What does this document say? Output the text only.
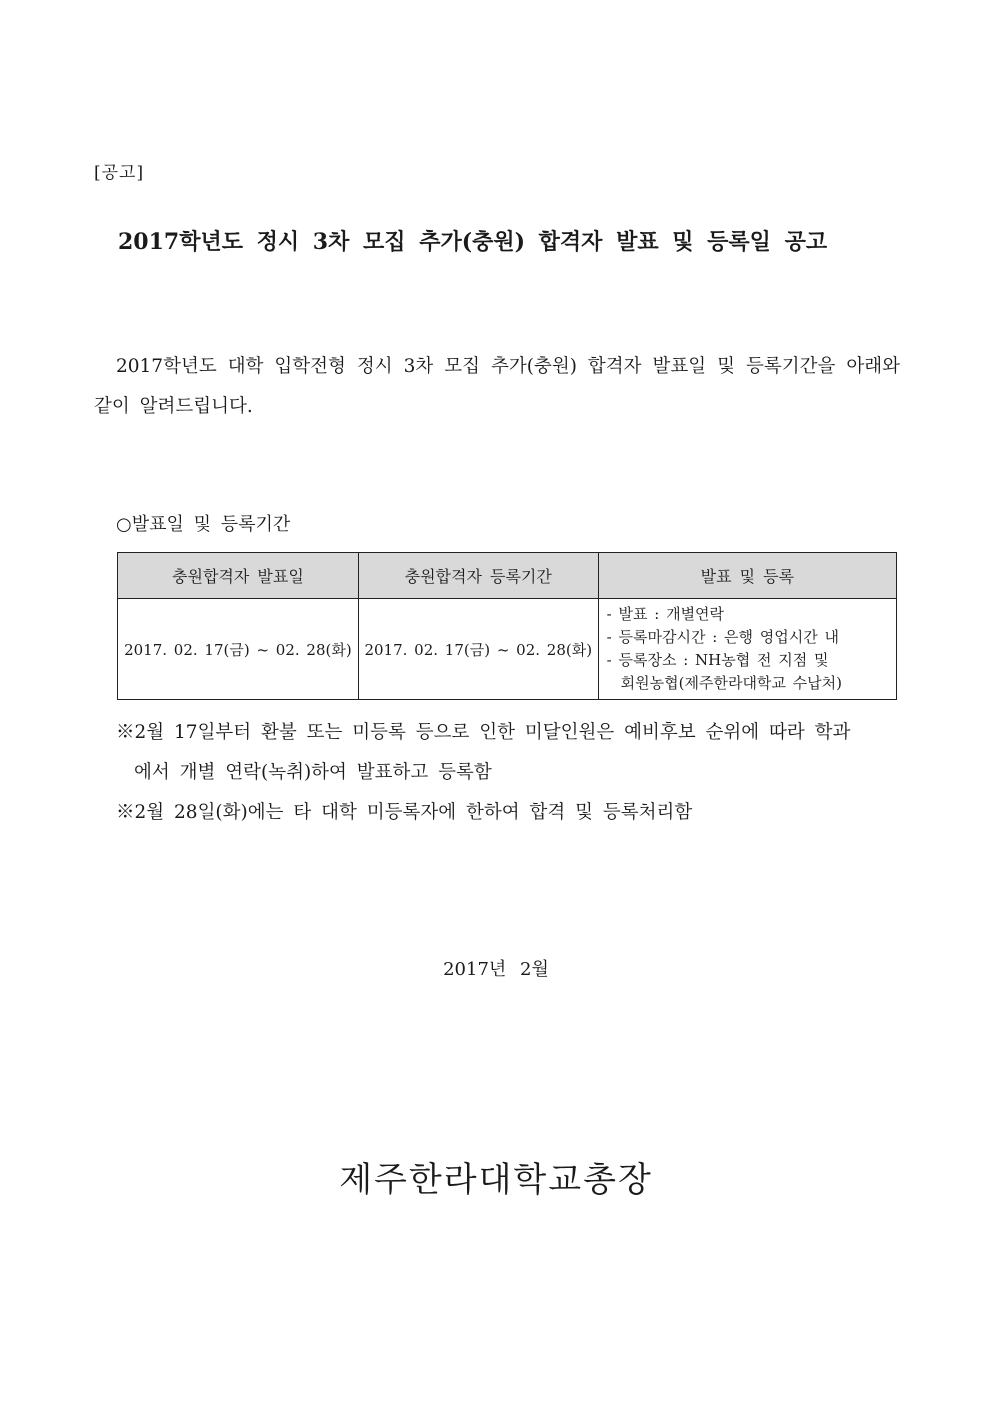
[공고]
2017학년도 정시 3차 모집 추가(충원) 합격자 발표 및 등록일 공고
2017학년도 대학 입학전형 정시 3차 모집 추가(충원) 합격자 발표일 및 등록기간을 아래와 같이 알려드립니다.
○발표일 및 등록기간
충원합격자 발표일	충원합격자 등록기간	발표 및 등록
2017. 02. 17(금) ~ 02. 28(화)	2017. 02. 17(금) ~ 02. 28(화)	- 발표 : 개별연락
- 등록마감시간 : 은행 영업시간 내
- 등록장소 : NH농협 전 지점 및
회원농협(제주한라대학교 수납처)
※2월 17일부터 환불 또는 미등록 등으로 인한 미달인원은 예비후보 순위에 따라 학과
에서 개별 연락(녹취)하여 발표하고 등록함
※2월 28일(화)에는 타 대학 미등록자에 한하여 합격 및 등록처리함
2017년 2월
제주한라대학교총장
